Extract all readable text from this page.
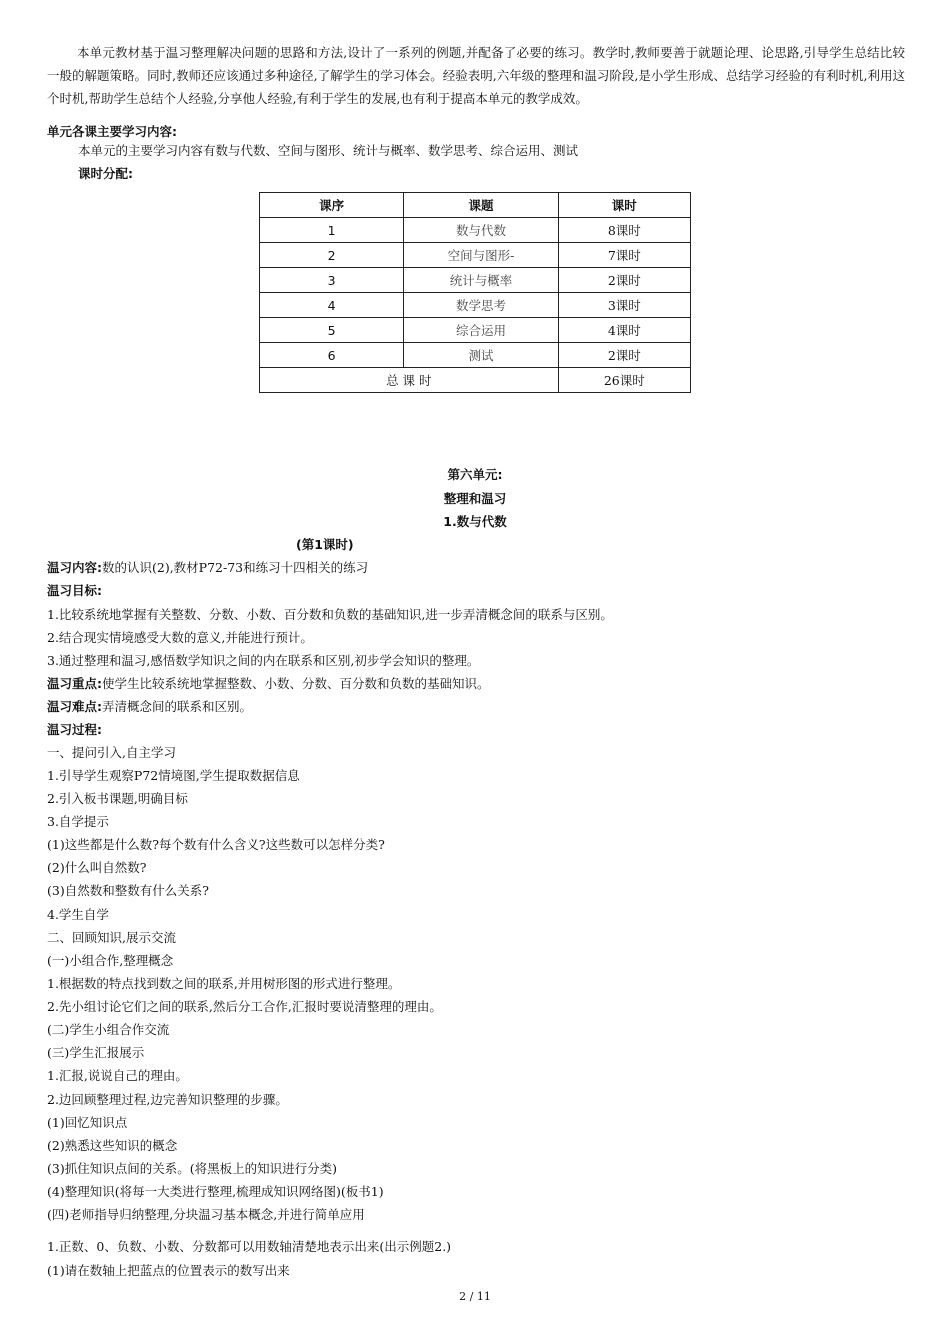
本单元教材基于温习整理解决问题的思路和方法,设计了一系列的例题,并配备了必要的练习。教学时,教师要善于就题论理、论思路,引导学生总结比较一般的解题策略。同时,教师还应该通过多种途径,了解学生的学习体会。经验表明,六年级的整理和温习阶段,是小学生形成、总结学习经验的有利时机,利用这个时机,帮助学生总结个人经验,分享他人经验,有利于学生的发展,也有利于提高本单元的教学成效。

单元各课主要学习内容:

本单元的主要学习内容有数与代数、空间与图形、统计与概率、数学思考、综合运用、测试

课时分配:

课序	课题	课时
1	数与代数	8课时
2	空间与图形-	7课时
3	统计与概率	2课时
4	数学思考	3课时
5	综合运用	4课时
6	测试	2课时
总 课 时		26课时

第六单元:

整理和温习

1.数与代数

(第1课时)

温习内容:数的认识(2),教材P72-73和练习十四相关的练习

温习目标:

1.比较系统地掌握有关整数、分数、小数、百分数和负数的基础知识,进一步弄清概念间的联系与区别。

2.结合现实情境感受大数的意义,并能进行预计。

3.通过整理和温习,感悟数学知识之间的内在联系和区别,初步学会知识的整理。

温习重点:使学生比较系统地掌握整数、小数、分数、百分数和负数的基础知识。

温习难点:弄清概念间的联系和区别。

温习过程:

一、提问引入,自主学习

1.引导学生观察P72情境图,学生提取数据信息

2.引入板书课题,明确目标

3.自学提示

(1)这些都是什么数?每个数有什么含义?这些数可以怎样分类?

(2)什么叫自然数?

(3)自然数和整数有什么关系?

4.学生自学

二、回顾知识,展示交流

(一)小组合作,整理概念

1.根据数的特点找到数之间的联系,并用树形图的形式进行整理。

2.先小组讨论它们之间的联系,然后分工合作,汇报时要说清整理的理由。

(二)学生小组合作交流

(三)学生汇报展示

1.汇报,说说自己的理由。

2.边回顾整理过程,边完善知识整理的步骤。

(1)回忆知识点

(2)熟悉这些知识的概念

(3)抓住知识点间的关系。(将黑板上的知识进行分类)

(4)整理知识(将每一大类进行整理,梳理成知识网络图)(板书1)

(四)老师指导归纳整理,分块温习基本概念,并进行简单应用

1.正数、0、负数、小数、分数都可以用数轴清楚地表示出来(出示例题2.)

(1)请在数轴上把蓝点的位置表示的数写出来

2 / 11
